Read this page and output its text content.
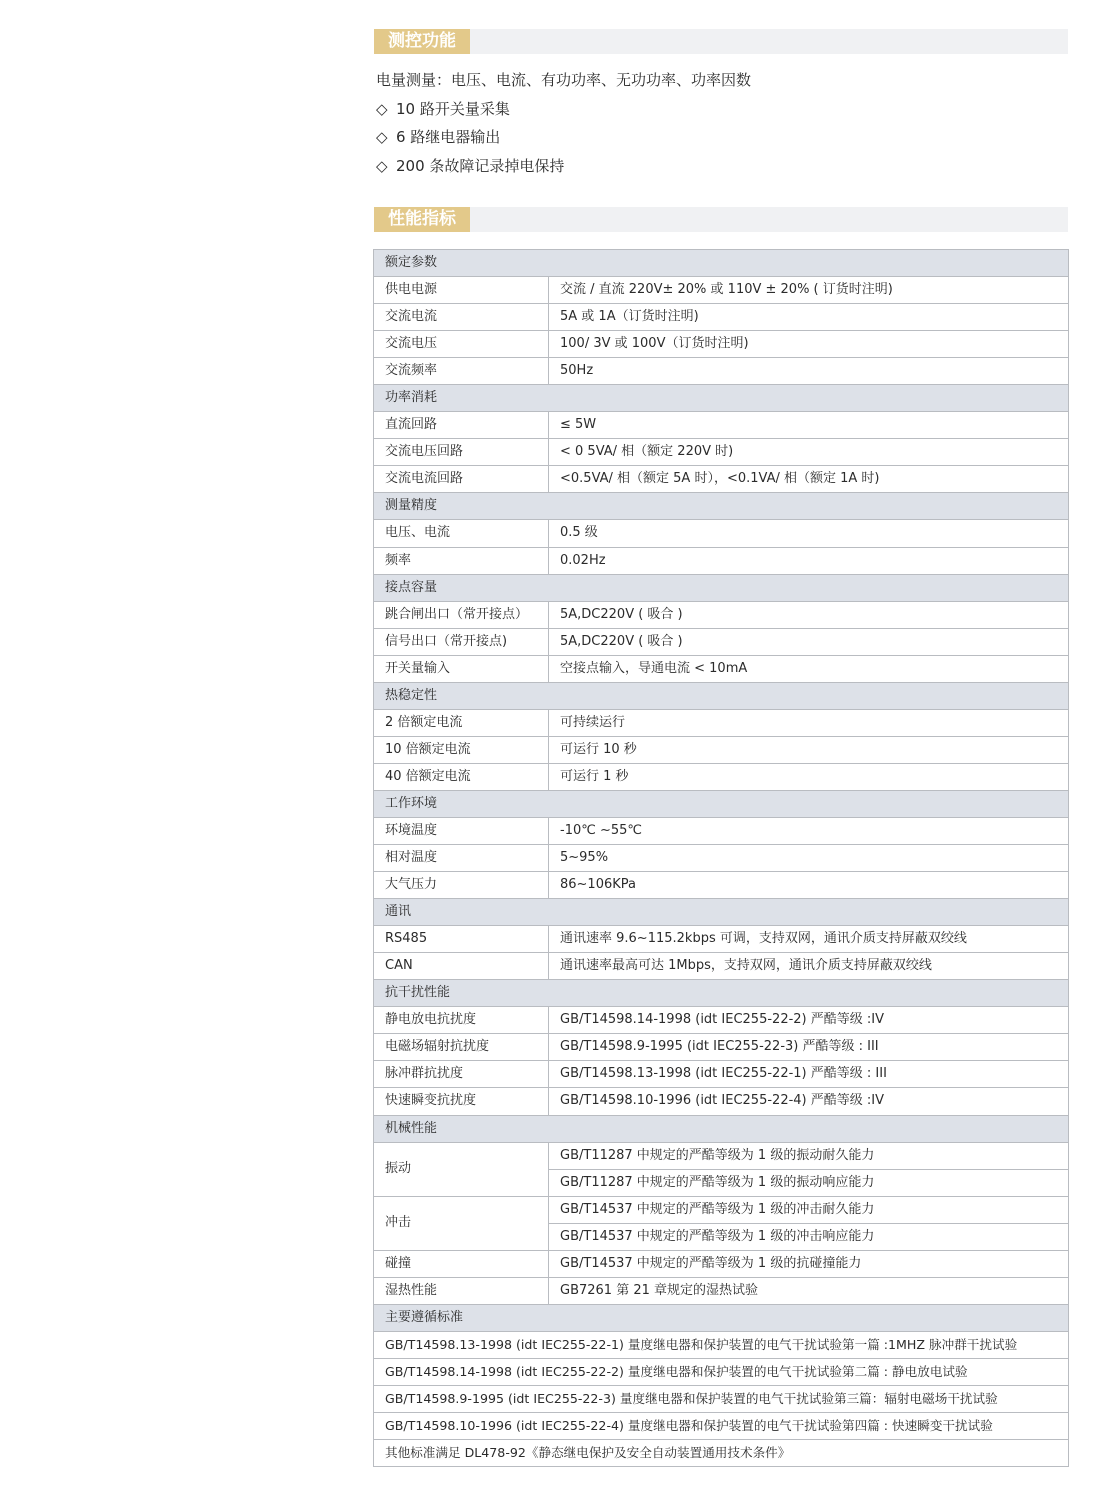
测控功能
电量测量：电压、电流、有功功率、无功功率、功率因数
◇ 10 路开关量采集
◇ 6 路继电器输出
◇ 200 条故障记录掉电保持
性能指标
额定参数	
供电电源	交流 / 直流 220V± 20% 或 110V ± 20% ( 订货时注明)
交流电流	5A 或 1A（订货时注明)
交流电压	100/ 3V 或 100V（订货时注明)
交流频率	50Hz
功率消耗	
直流回路	≤ 5W
交流电压回路	< 0 5VA/ 相（额定 220V 时)
交流电流回路	<0.5VA/ 相（额定 5A 时），<0.1VA/ 相（额定 1A 时)
测量精度	
电压、电流	0.5 级
频率	0.02Hz
接点容量	
跳合闸出口（常开接点）	5A,DC220V ( 吸合 )
信号出口（常开接点)	5A,DC220V ( 吸合 )
开关量输入	空接点输入，导通电流 < 10mA
热稳定性	
2 倍额定电流	可持续运行
10 倍额定电流	可运行 10 秒
40 倍额定电流	可运行 1 秒
工作环境	
环境温度	-10℃ ~55℃
相对温度	5~95%
大气压力	86~106KPa
通讯	
RS485	通讯速率 9.6~115.2kbps 可调，支持双网，通讯介质支持屏蔽双绞线
CAN	通讯速率最高可达 1Mbps，支持双网，通讯介质支持屏蔽双绞线
抗干扰性能	
静电放电抗扰度	GB/T14598.14-1998 (idt IEC255-22-2) 严酷等级 :IV
电磁场辐射抗扰度	GB/T14598.9-1995 (idt IEC255-22-3) 严酷等级 : III
脉冲群抗扰度	GB/T14598.13-1998 (idt IEC255-22-1) 严酷等级 : III
快速瞬变抗扰度	GB/T14598.10-1996 (idt IEC255-22-4) 严酷等级 :IV
机械性能	
振动	GB/T11287 中规定的严酷等级为 1 级的振动耐久能力
	GB/T11287 中规定的严酷等级为 1 级的振动响应能力
冲击	GB/T14537 中规定的严酷等级为 1 级的冲击耐久能力
	GB/T14537 中规定的严酷等级为 1 级的冲击响应能力
碰撞	GB/T14537 中规定的严酷等级为 1 级的抗碰撞能力
湿热性能	GB7261 第 21 章规定的湿热试验
主要遵循标准	
GB/T14598.13-1998 (idt IEC255-22-1) 量度继电器和保护装置的电气干扰试验第一篇 :1MHZ 脉冲群干扰试验	
GB/T14598.14-1998 (idt IEC255-22-2) 量度继电器和保护装置的电气干扰试验第二篇 : 静电放电试验	
GB/T14598.9-1995 (idt IEC255-22-3) 量度继电器和保护装置的电气干扰试验第三篇：辐射电磁场干扰试验	
GB/T14598.10-1996 (idt IEC255-22-4) 量度继电器和保护装置的电气干扰试验第四篇 : 快速瞬变干扰试验	
其他标准满足 DL478-92《静态继电保护及安全自动装置通用技术条件》	
